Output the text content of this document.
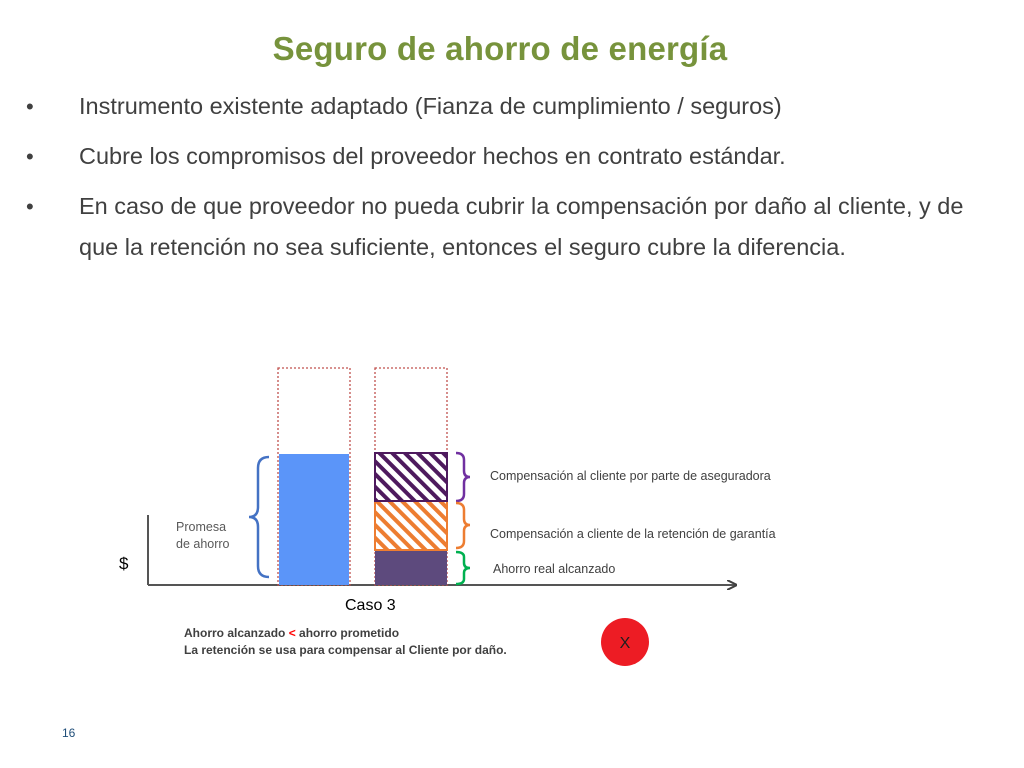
Seguro de ahorro de energía
• Instrumento existente adaptado (Fianza de cumplimiento / seguros)
• Cubre los compromisos del proveedor hechos en contrato estándar.
• En caso de que proveedor no pueda cubrir la compensación por daño al cliente, y de que la retención no sea suficiente, entonces el seguro cubre la diferencia.
$
Promesa
de ahorro
Compensación al cliente por parte de aseguradora
Compensación a cliente de la retención de garantía
Ahorro real alcanzado
Caso 3
Ahorro alcanzado < ahorro prometido
La retención se usa para compensar al Cliente por daño.	X
16
